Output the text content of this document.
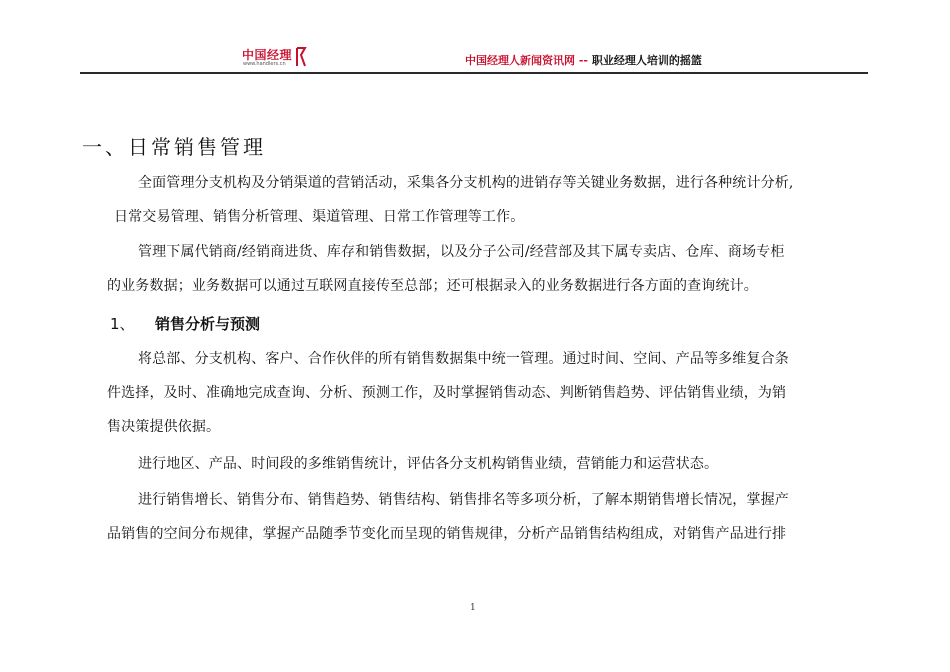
中国经理
www.handlers.cn	中国经理人新闻资讯网 -- 职业经理人培训的摇篮
一、日常销售管理
全面管理分支机构及分销渠道的营销活动，采集各分支机构的进销存等关键业务数据，进行各种统计分析,
日常交易管理、销售分析管理、渠道管理、日常工作管理等工作。
管理下属代销商/经销商进货、库存和销售数据，以及分子公司/经营部及其下属专卖店、仓库、商场专柜
的业务数据；业务数据可以通过互联网直接传至总部；还可根据录入的业务数据进行各方面的查询统计。
1、 销售分析与预测
将总部、分支机构、客户、合作伙伴的所有销售数据集中统一管理。通过时间、空间、产品等多维复合条
件选择，及时、准确地完成查询、分析、预测工作，及时掌握销售动态、判断销售趋势、评估销售业绩，为销
售决策提供依据。
进行地区、产品、时间段的多维销售统计，评估各分支机构销售业绩，营销能力和运营状态。
进行销售增长、销售分布、销售趋势、销售结构、销售排名等多项分析，了解本期销售增长情况，掌握产
品销售的空间分布规律，掌握产品随季节变化而呈现的销售规律，分析产品销售结构组成，对销售产品进行排
1
